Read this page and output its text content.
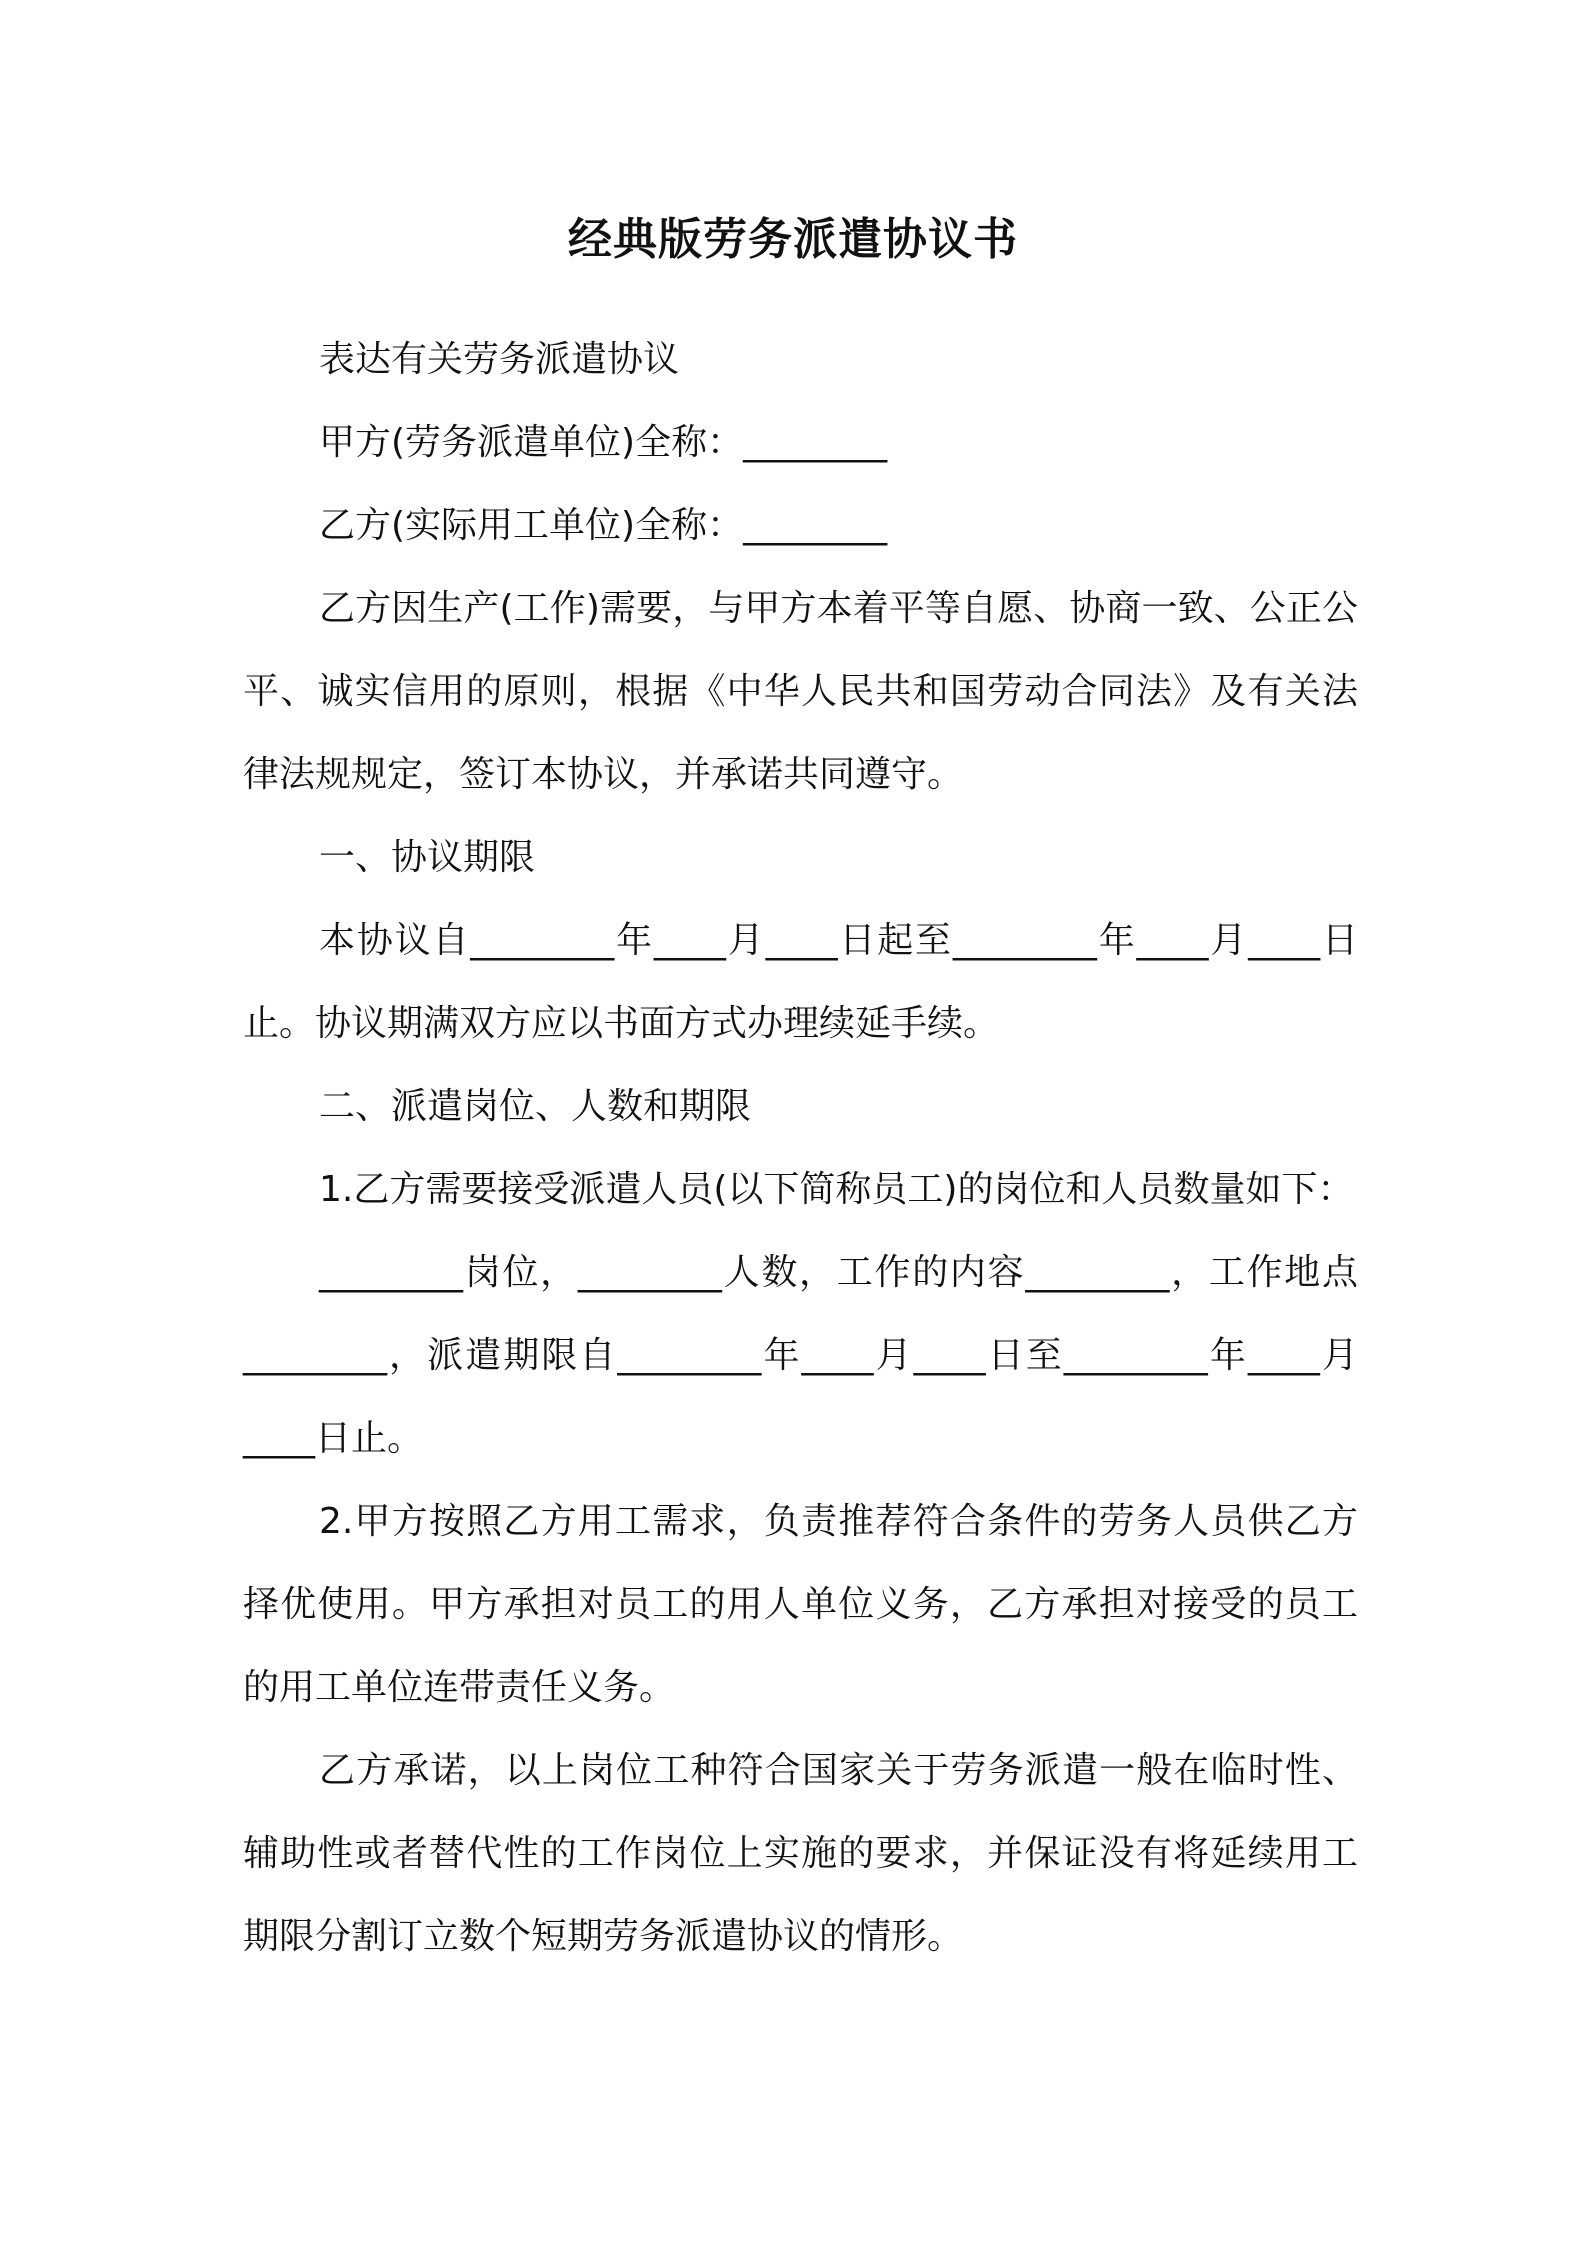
经典版劳务派遣协议书

表达有关劳务派遣协议

甲方(劳务派遣单位)全称：________

乙方(实际用工单位)全称：________

乙方因生产(工作)需要，与甲方本着平等自愿、协商一致、公正公平、诚实信用的原则，根据《中华人民共和国劳动合同法》及有关法律法规规定，签订本协议，并承诺共同遵守。

一、协议期限

本协议自________年____月____日起至________年____月____日止。协议期满双方应以书面方式办理续延手续。

二、派遣岗位、人数和期限

1.乙方需要接受派遣人员(以下简称员工)的岗位和人员数量如下：

________岗位，________人数，工作的内容________，工作地点________，派遣期限自________年____月____日至________年____月____日止。

2.甲方按照乙方用工需求，负责推荐符合条件的劳务人员供乙方择优使用。甲方承担对员工的用人单位义务，乙方承担对接受的员工的用工单位连带责任义务。

乙方承诺，以上岗位工种符合国家关于劳务派遣一般在临时性、辅助性或者替代性的工作岗位上实施的要求，并保证没有将延续用工期限分割订立数个短期劳务派遣协议的情形。
